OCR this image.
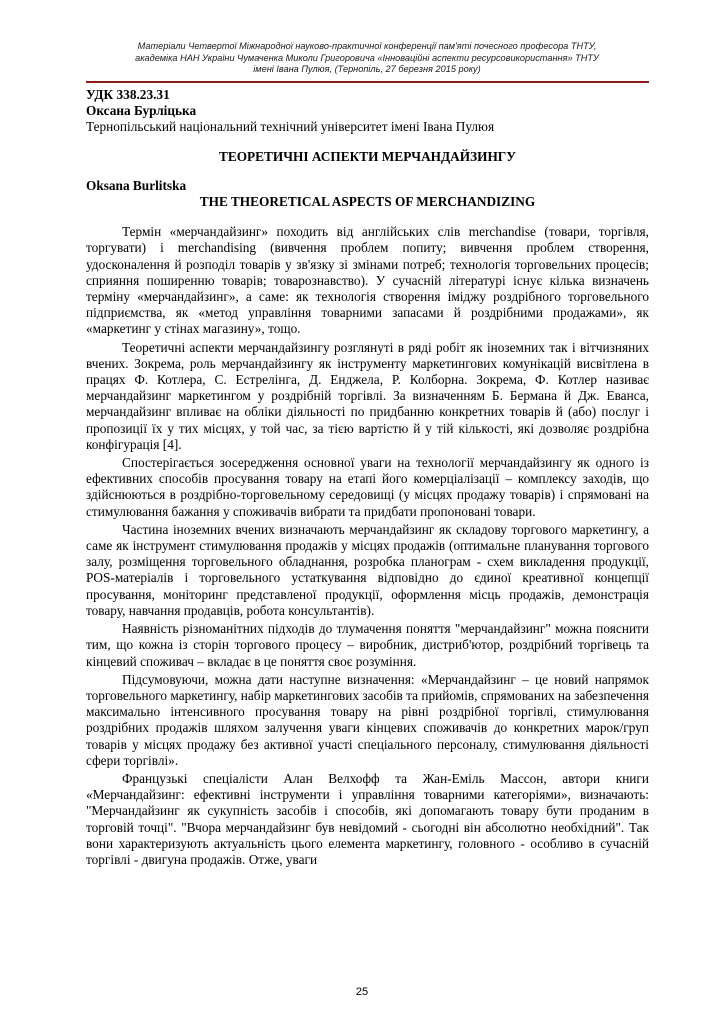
Матеріали Четвертої Міжнародної науково-практичної конференції пам'яті почесного професора ТНТУ,
академіка НАН України Чумаченка Миколи Григоровича «Інноваційні аспекти ресурсовикористання» ТНТУ
імені Івана Пулюя, (Тернопіль, 27 березня 2015 року)
УДК 338.23.31
Оксана Бурліцька
Тернопільський національний технічний університет імені Івана Пулюя
ТЕОРЕТИЧНІ АСПЕКТИ МЕРЧАНДАЙЗИНГУ
Oksana Burlitska
THE THEORETICAL ASPECTS OF MERCHANDIZING

Термін «мерчандайзинг» походить від англійських слів merchandise (товари, торгівля, торгувати) і merchandising (вивчення проблем попиту; вивчення проблем створення, удосконалення й розподіл товарів у зв'язку зі змінами потреб; технологія торговельних процесів; сприяння поширенню товарів; товарознавство). У сучасній літературі існує кілька визначень терміну «мерчандайзинг», а саме: як технологія створення іміджу роздрібного торговельного підприємства, як «метод управління товарними запасами й роздрібними продажами», як «маркетинг у стінах магазину», тощо.

Теоретичні аспекти мерчандайзингу розглянуті в ряді робіт як іноземних так і вітчизняних вчених. Зокрема, роль мерчандайзингу як інструменту маркетингових комунікацій висвітлена в працях Ф. Котлера, С. Естрелінга, Д. Енджела, Р. Колборна. Зокрема, Ф. Котлер називає мерчандайзинг маркетингом у роздрібній торгівлі. За визначенням Б. Бермана й Дж. Еванса, мерчандайзинг впливає на обліки діяльності по придбанню конкретних товарів й (або) послуг і пропозиції їх у тих місцях, у той час, за тією вартістю й у тій кількості, які дозволяє роздрібна конфігурація [4].

Спостерігається зосередження основної уваги на технології мерчандайзингу як одного із ефективних способів просування товару на етапі його комерціалізації – комплексу заходів, що здійснюються в роздрібно-торговельному середовищі (у місцях продажу товарів) і спрямовані на стимулювання бажання у споживачів вибрати та придбати пропоновані товари.

Частина іноземних вчених визначають мерчандайзинг як складову торгового маркетингу, а саме як інструмент стимулювання продажів у місцях продажів (оптимальне планування торгового залу, розміщення торговельного обладнання, розробка планограм - схем викладення продукції, POS-матеріалів і торговельного устаткування відповідно до єдиної креативної концепції просування, моніторинг представленої продукції, оформлення місць продажів, демонстрація товару, навчання продавців, робота консультантів).

Наявність різноманітних підходів до тлумачення поняття "мерчандайзинг" можна пояснити тим, що кожна із сторін торгового процесу – виробник, дистриб'ютор, роздрібний торгівець та кінцевий споживач – вкладає в це поняття своє розуміння.

Підсумовуючи, можна дати наступне визначення: «Мерчандайзинг – це новий напрямок торговельного маркетингу, набір маркетингових засобів та прийомів, спрямованих на забезпечення максимально інтенсивного просування товару на рівні роздрібної торгівлі, стимулювання роздрібних продажів шляхом залучення уваги кінцевих споживачів до конкретних марок/груп товарів у місцях продажу без активної участі спеціального персоналу, стимулювання діяльності сфери торгівлі».

Французькі спеціалісти Алан Велхофф та Жан-Еміль Массон, автори книги «Мерчандайзинг: ефективні інструменти і управління товарними категоріями», визначають: "Мерчандайзинг як сукупність засобів і способів, які допомагають товару бути проданим в торговій точці". "Вчора мерчандайзинг був невідомий - сьогодні він абсолютно необхідний". Так вони характеризують актуальність цього елемента маркетингу, головного - особливо в сучасній торгівлі - двигуна продажів. Отже, уваги

25
